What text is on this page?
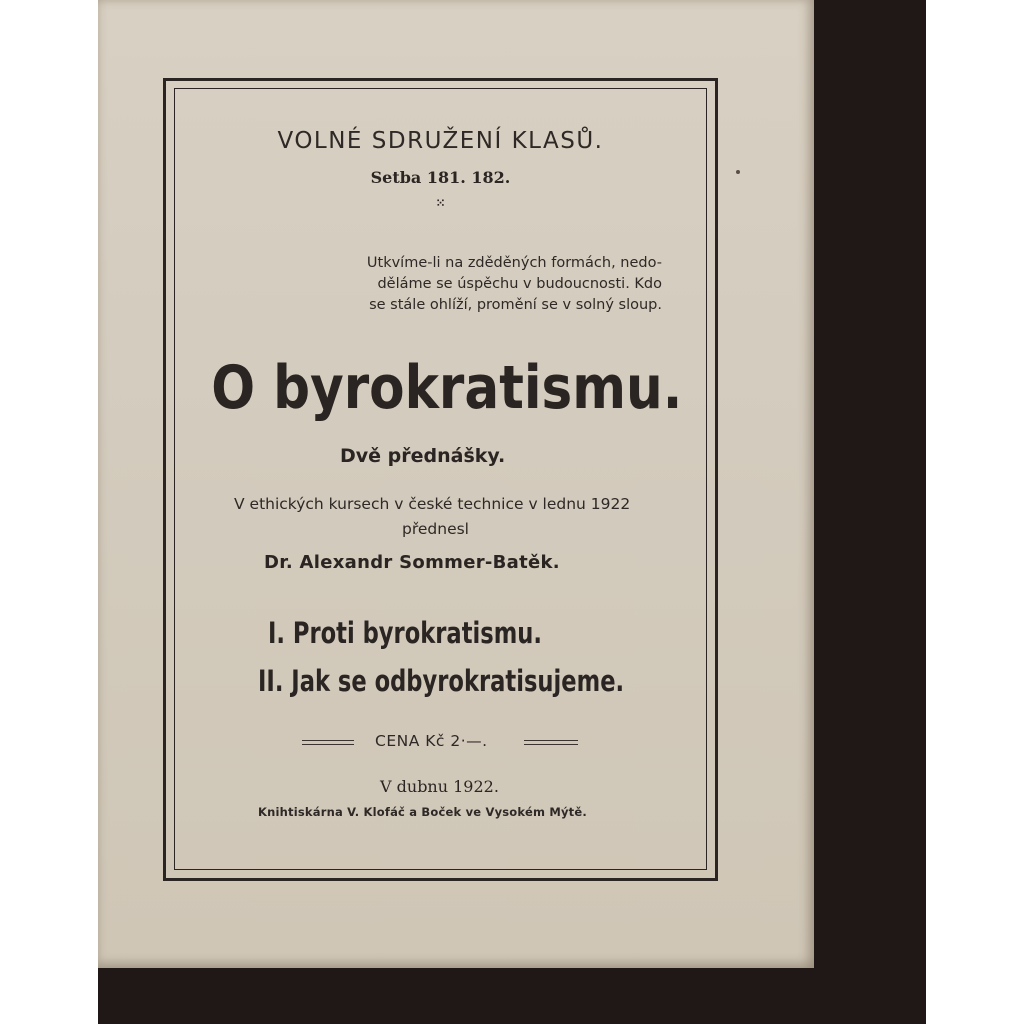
VOLNÉ SDRUŽENÍ KLASŮ.
Setba 181. 182.
⁙
Utkvíme-li na zděděných formách, nedo-
děláme se úspěchu v budoucnosti. Kdo
se stále ohlíží, promění se v solný sloup.
O byrokratismu.
Dvě přednášky.
V ethických kursech v české technice v lednu 1922
přednesl
Dr. Alexandr Sommer-Batěk.
I. Proti byrokratismu.
II. Jak se odbyrokratisujeme.
CENA Kč 2·—.
V dubnu 1922.
Knihtiskárna V. Klofáč a Boček ve Vysokém Mýtě.
